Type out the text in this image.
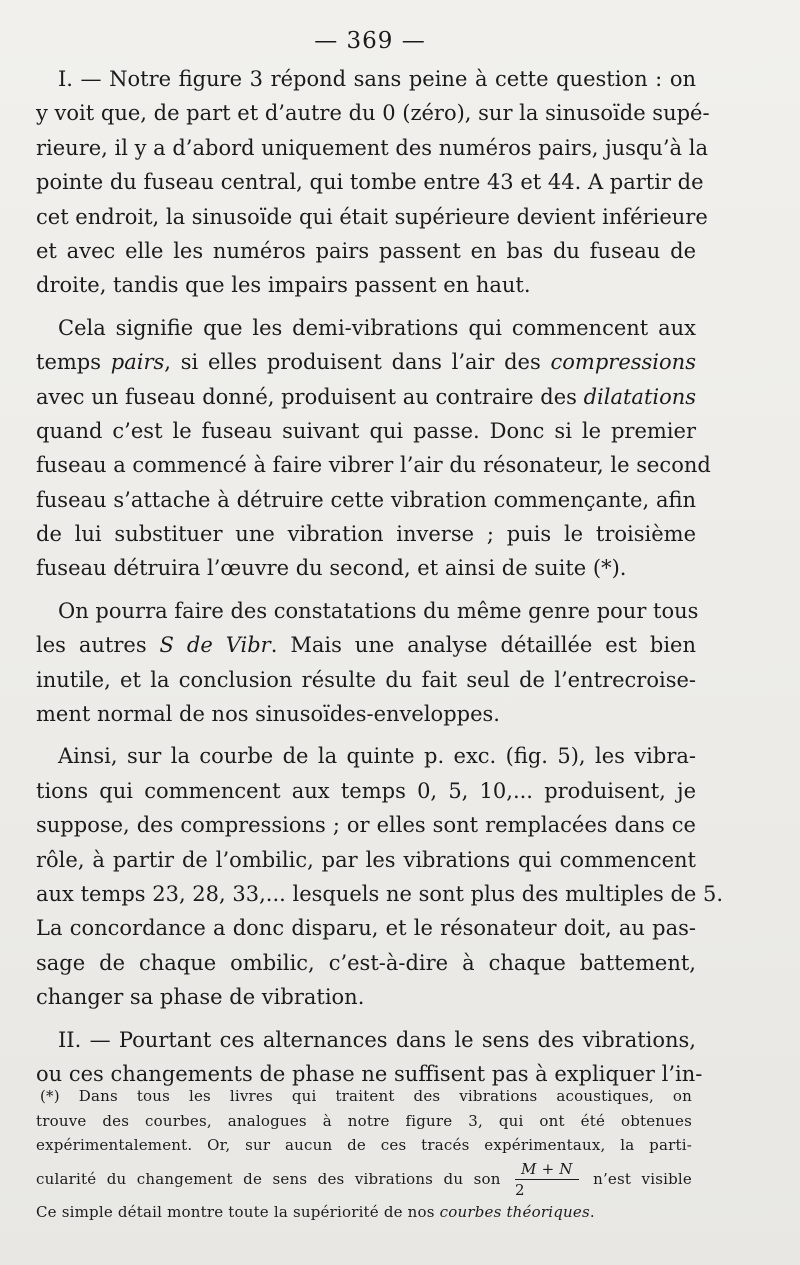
— 369 —
I. — Notre figure 3 répond sans peine à cette question : on
y voit que, de part et d’autre du 0 (zéro), sur la sinusoïde supé-
rieure, il y a d’abord uniquement des numéros pairs, jusqu’à la
pointe du fuseau central, qui tombe entre 43 et 44. A partir de
cet endroit, la sinusoïde qui était supérieure devient inférieure
et avec elle les numéros pairs passent en bas du fuseau de
droite, tandis que les impairs passent en haut.
Cela signifie que les demi-vibrations qui commencent aux
temps pairs, si elles produisent dans l’air des compressions
avec un fuseau donné, produisent au contraire des dilatations
quand c’est le fuseau suivant qui passe. Donc si le premier
fuseau a commencé à faire vibrer l’air du résonateur, le second
fuseau s’attache à détruire cette vibration commençante, afin
de lui substituer une vibration inverse ; puis le troisième
fuseau détruira l’œuvre du second, et ainsi de suite (*).
On pourra faire des constatations du même genre pour tous
les autres S de Vibr. Mais une analyse détaillée est bien
inutile, et la conclusion résulte du fait seul de l’entrecroise-
ment normal de nos sinusoïdes-enveloppes.
Ainsi, sur la courbe de la quinte p. exc. (fig. 5), les vibra-
tions qui commencent aux temps 0, 5, 10,... produisent, je
suppose, des compressions ; or elles sont remplacées dans ce
rôle, à partir de l’ombilic, par les vibrations qui commencent
aux temps 23, 28, 33,... lesquels ne sont plus des multiples de 5.
La concordance a donc disparu, et le résonateur doit, au pas-
sage de chaque ombilic, c’est-à-dire à chaque battement,
changer sa phase de vibration.
II. — Pourtant ces alternances dans le sens des vibrations,
ou ces changements de phase ne suffisent pas à expliquer l’in-
(*) Dans tous les livres qui traitent des vibrations acoustiques, on
trouve des courbes, analogues à notre figure 3, qui ont été obtenues
expérimentalement. Or, sur aucun de ces tracés expérimentaux, la parti-
cularité du changement de sens des vibrations du son $\frac{M + N}{2}$ n’est visible
Ce simple détail montre toute la supériorité de nos courbes théoriques.
